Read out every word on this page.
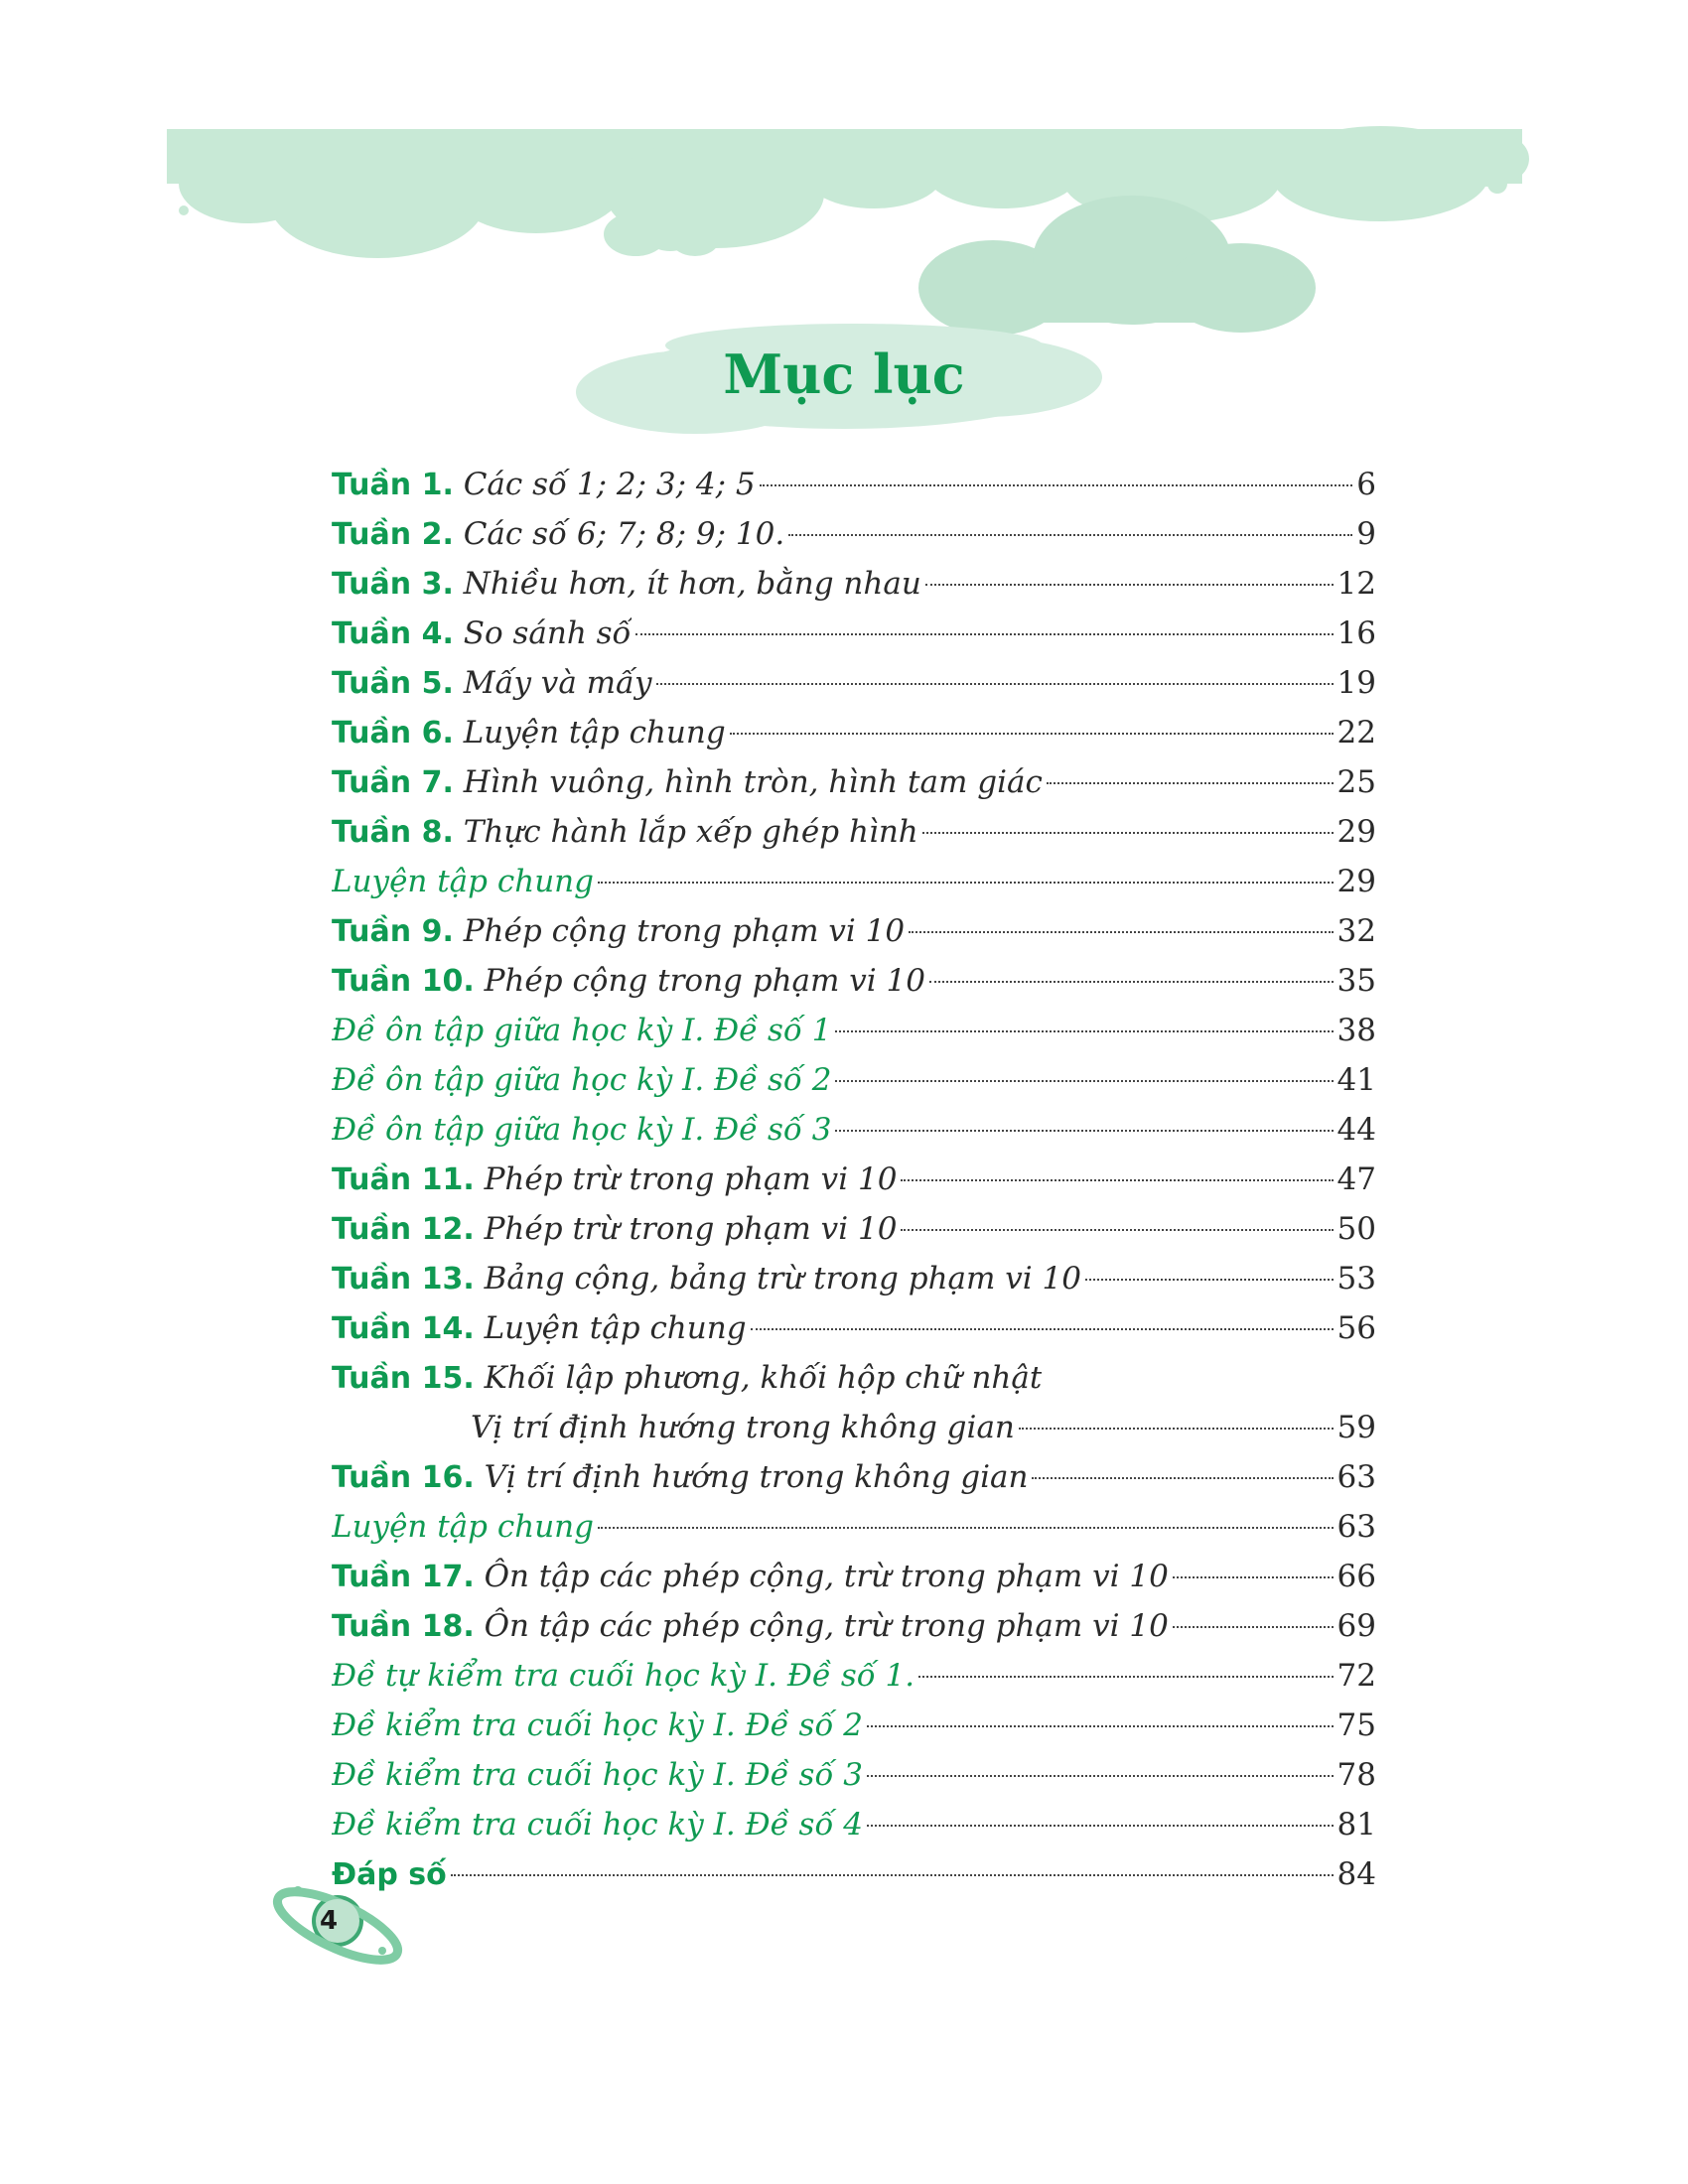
Mục lục
Tuần 1. Các số 1; 2; 3; 4; 5	6
Tuần 2. Các số 6; 7; 8; 9; 10.	9
Tuần 3. Nhiều hơn, ít hơn, bằng nhau	12
Tuần 4. So sánh số	16
Tuần 5. Mấy và mấy	19
Tuần 6. Luyện tập chung	22
Tuần 7. Hình vuông, hình tròn, hình tam giác	25
Tuần 8. Thực hành lắp xếp ghép hình	29
Luyện tập chung	29
Tuần 9. Phép cộng trong phạm vi 10	32
Tuần 10. Phép cộng trong phạm vi 10	35
Đề ôn tập giữa học kỳ I. Đề số 1	38
Đề ôn tập giữa học kỳ I. Đề số 2	41
Đề ôn tập giữa học kỳ I. Đề số 3	44
Tuần 11. Phép trừ trong phạm vi 10	47
Tuần 12. Phép trừ trong phạm vi 10	50
Tuần 13. Bảng cộng, bảng trừ trong phạm vi 10	53
Tuần 14. Luyện tập chung	56
Tuần 15. Khối lập phương, khối hộp chữ nhật
Vị trí định hướng trong không gian	59
Tuần 16. Vị trí định hướng trong không gian	63
Luyện tập chung	63
Tuần 17. Ôn tập các phép cộng, trừ trong phạm vi 10	66
Tuần 18. Ôn tập các phép cộng, trừ trong phạm vi 10	69
Đề tự kiểm tra cuối học kỳ I. Đề số 1.	72
Đề kiểm tra cuối học kỳ I. Đề số 2	75
Đề kiểm tra cuối học kỳ I. Đề số 3	78
Đề kiểm tra cuối học kỳ I. Đề số 4	81
Đáp số	84
4
